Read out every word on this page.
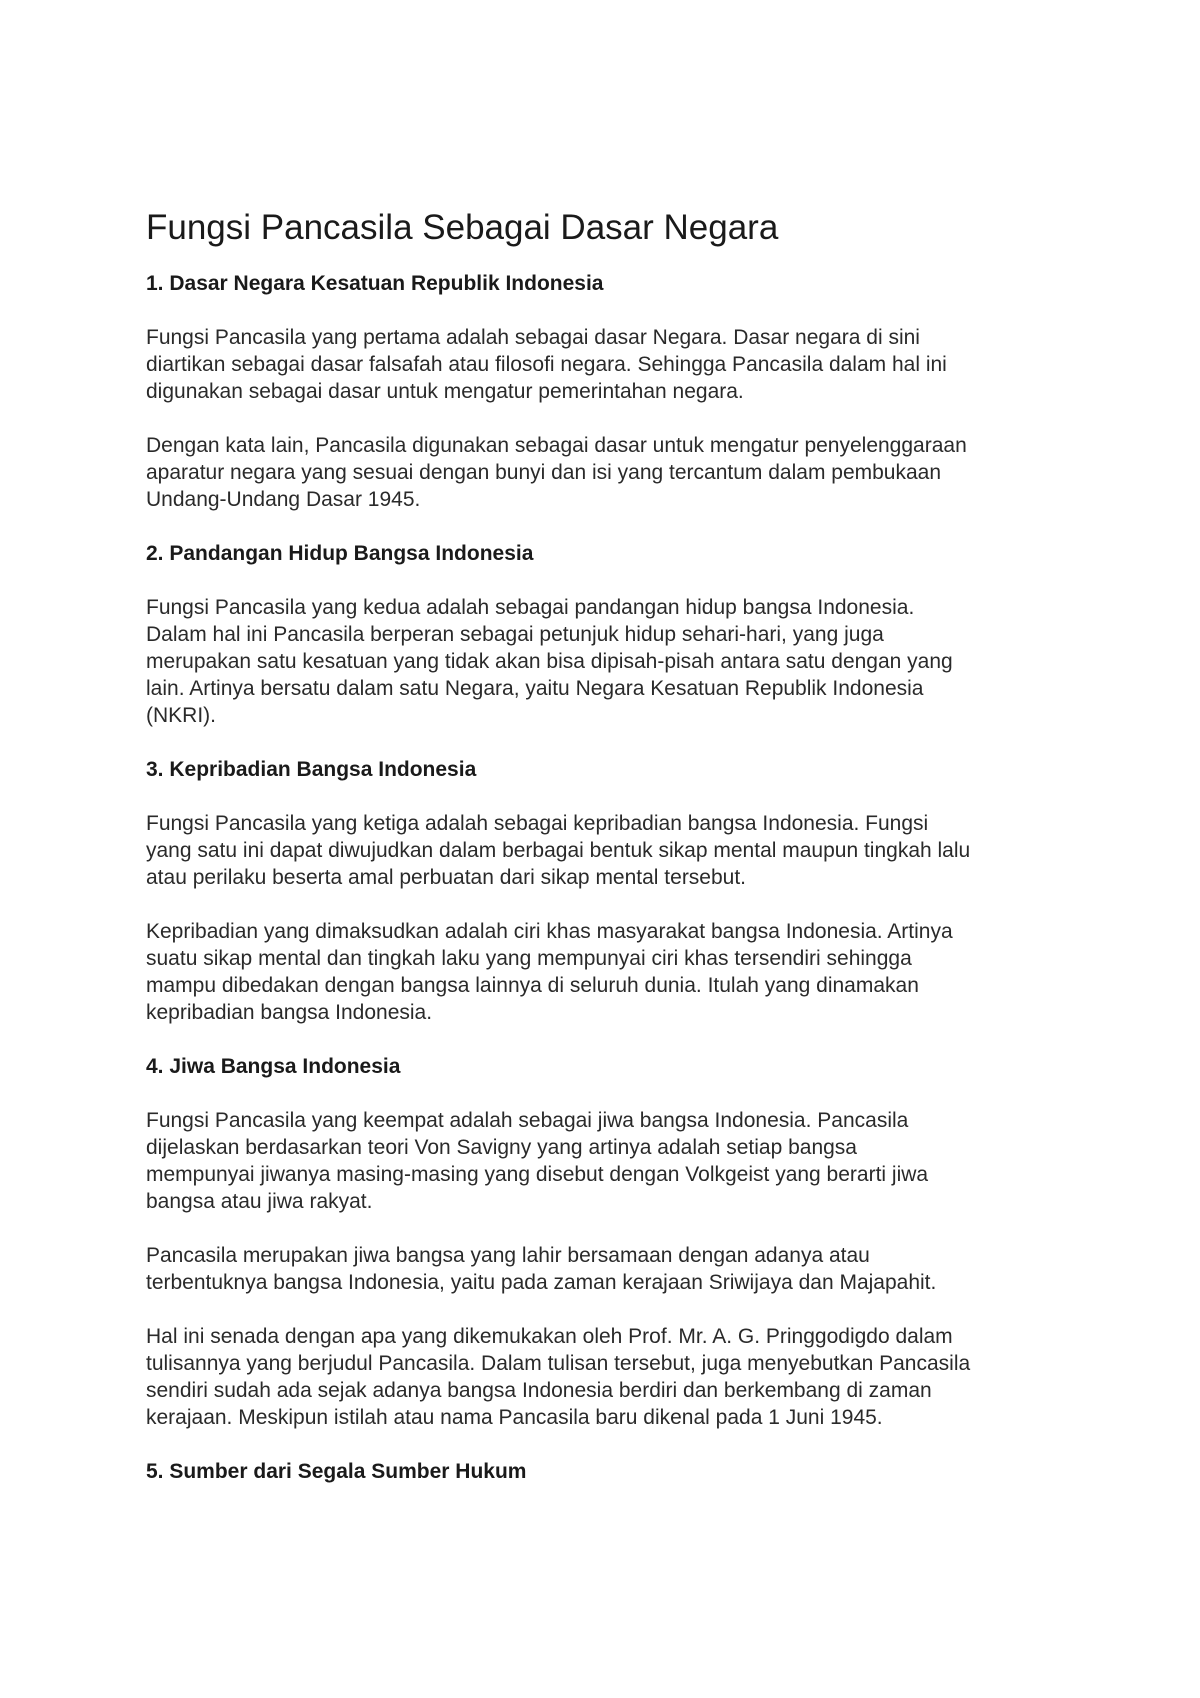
Fungsi Pancasila Sebagai Dasar Negara
1. Dasar Negara Kesatuan Republik Indonesia

Fungsi Pancasila yang pertama adalah sebagai dasar Negara. Dasar negara di sini
diartikan sebagai dasar falsafah atau filosofi negara. Sehingga Pancasila dalam hal ini
digunakan sebagai dasar untuk mengatur pemerintahan negara.

Dengan kata lain, Pancasila digunakan sebagai dasar untuk mengatur penyelenggaraan
aparatur negara yang sesuai dengan bunyi dan isi yang tercantum dalam pembukaan
Undang-Undang Dasar 1945.

2. Pandangan Hidup Bangsa Indonesia

Fungsi Pancasila yang kedua adalah sebagai pandangan hidup bangsa Indonesia.
Dalam hal ini Pancasila berperan sebagai petunjuk hidup sehari-hari, yang juga
merupakan satu kesatuan yang tidak akan bisa dipisah-pisah antara satu dengan yang
lain. Artinya bersatu dalam satu Negara, yaitu Negara Kesatuan Republik Indonesia
(NKRI).

3. Kepribadian Bangsa Indonesia

Fungsi Pancasila yang ketiga adalah sebagai kepribadian bangsa Indonesia. Fungsi
yang satu ini dapat diwujudkan dalam berbagai bentuk sikap mental maupun tingkah lalu
atau perilaku beserta amal perbuatan dari sikap mental tersebut.

Kepribadian yang dimaksudkan adalah ciri khas masyarakat bangsa Indonesia. Artinya
suatu sikap mental dan tingkah laku yang mempunyai ciri khas tersendiri sehingga
mampu dibedakan dengan bangsa lainnya di seluruh dunia. Itulah yang dinamakan
kepribadian bangsa Indonesia.

4. Jiwa Bangsa Indonesia

Fungsi Pancasila yang keempat adalah sebagai jiwa bangsa Indonesia. Pancasila
dijelaskan berdasarkan teori Von Savigny yang artinya adalah setiap bangsa
mempunyai jiwanya masing-masing yang disebut dengan Volkgeist yang berarti jiwa
bangsa atau jiwa rakyat.

Pancasila merupakan jiwa bangsa yang lahir bersamaan dengan adanya atau
terbentuknya bangsa Indonesia, yaitu pada zaman kerajaan Sriwijaya dan Majapahit.

Hal ini senada dengan apa yang dikemukakan oleh Prof. Mr. A. G. Pringgodigdo dalam
tulisannya yang berjudul Pancasila. Dalam tulisan tersebut, juga menyebutkan Pancasila
sendiri sudah ada sejak adanya bangsa Indonesia berdiri dan berkembang di zaman
kerajaan. Meskipun istilah atau nama Pancasila baru dikenal pada 1 Juni 1945.

5. Sumber dari Segala Sumber Hukum
